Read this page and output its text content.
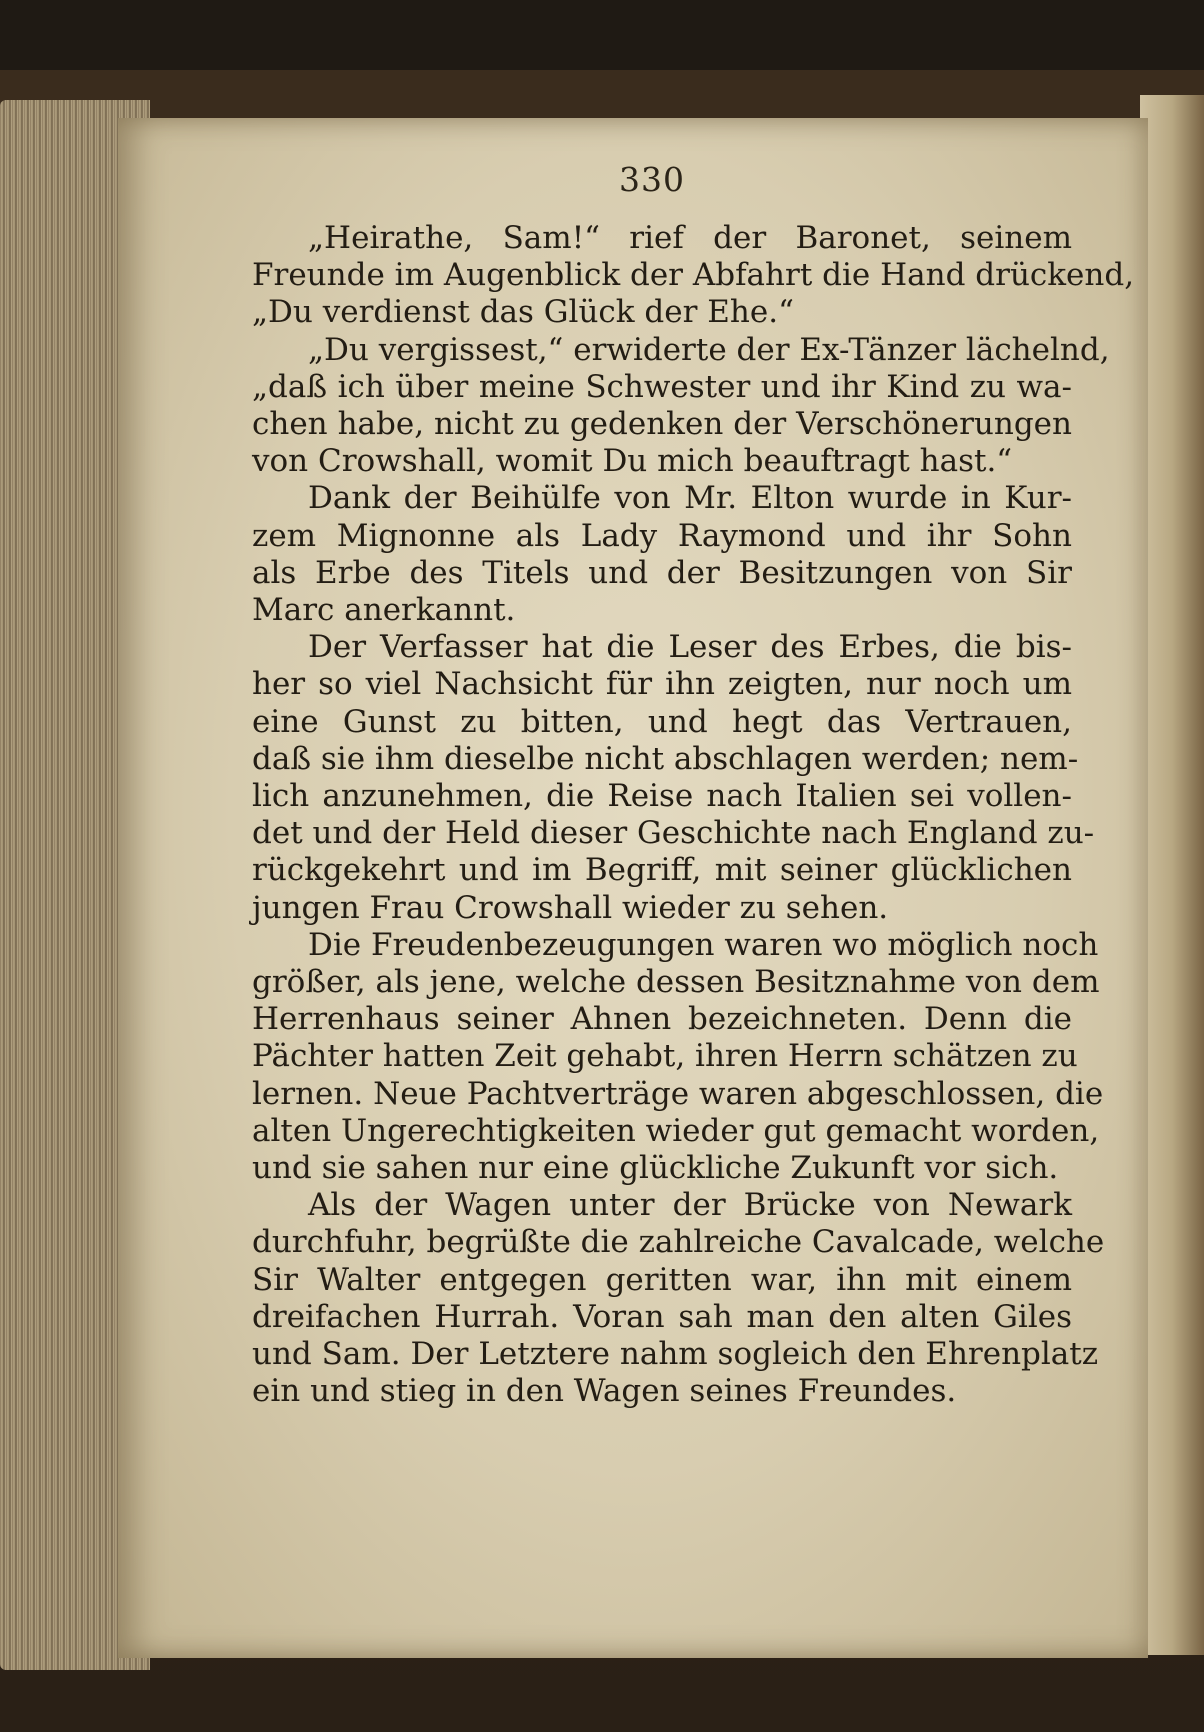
330
„Heirathe, Sam!“ rief der Baronet, seinem
Freunde im Augenblick der Abfahrt die Hand drückend,
„Du verdienst das Glück der Ehe.“
„Du vergissest,“ erwiderte der Ex-Tänzer lächelnd,
„daß ich über meine Schwester und ihr Kind zu wa-
chen habe, nicht zu gedenken der Verschönerungen
von Crowshall, womit Du mich beauftragt hast.“
Dank der Beihülfe von Mr. Elton wurde in Kur-
zem Mignonne als Lady Raymond und ihr Sohn
als Erbe des Titels und der Besitzungen von Sir
Marc anerkannt.
Der Verfasser hat die Leser des Erbes, die bis-
her so viel Nachsicht für ihn zeigten, nur noch um
eine Gunst zu bitten, und hegt das Vertrauen,
daß sie ihm dieselbe nicht abschlagen werden; nem-
lich anzunehmen, die Reise nach Italien sei vollen-
det und der Held dieser Geschichte nach England zu-
rückgekehrt und im Begriff, mit seiner glücklichen
jungen Frau Crowshall wieder zu sehen.
Die Freudenbezeugungen waren wo möglich noch
größer, als jene, welche dessen Besitznahme von dem
Herrenhaus seiner Ahnen bezeichneten. Denn die
Pächter hatten Zeit gehabt, ihren Herrn schätzen zu
lernen. Neue Pachtverträge waren abgeschlossen, die
alten Ungerechtigkeiten wieder gut gemacht worden,
und sie sahen nur eine glückliche Zukunft vor sich.
Als der Wagen unter der Brücke von Newark
durchfuhr, begrüßte die zahlreiche Cavalcade, welche
Sir Walter entgegen geritten war, ihn mit einem
dreifachen Hurrah. Voran sah man den alten Giles
und Sam. Der Letztere nahm sogleich den Ehrenplatz
ein und stieg in den Wagen seines Freundes.
